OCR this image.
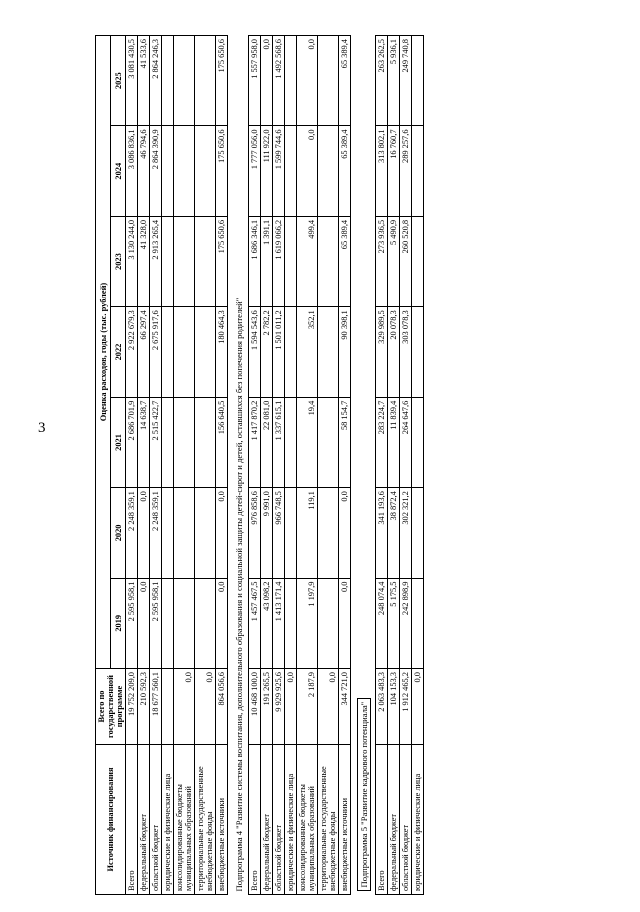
3
Источник финансирования	Всего по государственной программе	Оценка расходов, годы (тыс. рублей)						
		2019	2020	2021	2022	2023	2024	2025
Всего	19 752 209,0	2 595 958,1	2 248 359,1	2 686 701,9	2 922 679,3	3 130 244,0	3 086 836,1	3 081 430,5
федеральный бюджет	210 592,3	0,0	0,0	14 638,7	66 297,4	41 328,0	46 794,6	41 533,6
областной бюджет	18 677 560,1	2 595 958,1	2 248 359,1	2 515 422,7	2 675 917,6	2 913 265,4	2 864 390,9	2 864 246,3
юридические и физические лица								
консолидированные бюджеты муниципальных образований	0,0							
территориальные государственные внебюджетные фонды	0,0							
внебюджетные источники	864 056,6	0,0	0,0	156 640,5	180 464,3	175 650,6	175 650,6	175 650,6
Подпрограмма 4 "Развитие системы воспитания, дополнительного образования и социальной защиты детей-сирот и детей, оставшихся без попечения родителей"								
Всего	10 468 100,0	1 457 467,5	976 858,6	1 417 870,2	1 594 543,6	1 686 346,1	1 777 056,0	1 557 958,0
федеральный бюджет	191 265,5	43 098,2	9 991,0	22 081,0	2 782,2	1 391,1	111 922,0	0,0
областной бюджет	9 929 925,6	1 413 171,4	966 748,5	1 337 615,1	1 501 011,2	1 619 066,2	1 599 744,6	1 492 568,6
юридические и физические лица	0,0							
консолидированные бюджеты муниципальных образований	2 187,9	1 197,9	119,1	19,4	352,1	499,4	0,0	0,0
территориальные государственные внебюджетные фонды	0,0							
внебюджетные источники	344 721,0	0,0	0,0	58 154,7	90 398,1	65 389,4	65 389,4	65 389,4
Подпрограмма 5 "Развитие кадрового потенциала"								
Всего	2 063 483,3	248 074,4	341 193,6	283 224,7	329 989,5	273 936,5	313 802,1	263 262,5
федеральный бюджет	104 153,3	5 175,5	38 872,4	11 839,4	20 078,3	5 490,9	16 760,7	5 936,1
областной бюджет	1 912 465,2	242 898,9	302 321,2	264 647,6	303 078,3	260 520,8	289 257,6	249 740,8
юридические и физические лица	0,0							
